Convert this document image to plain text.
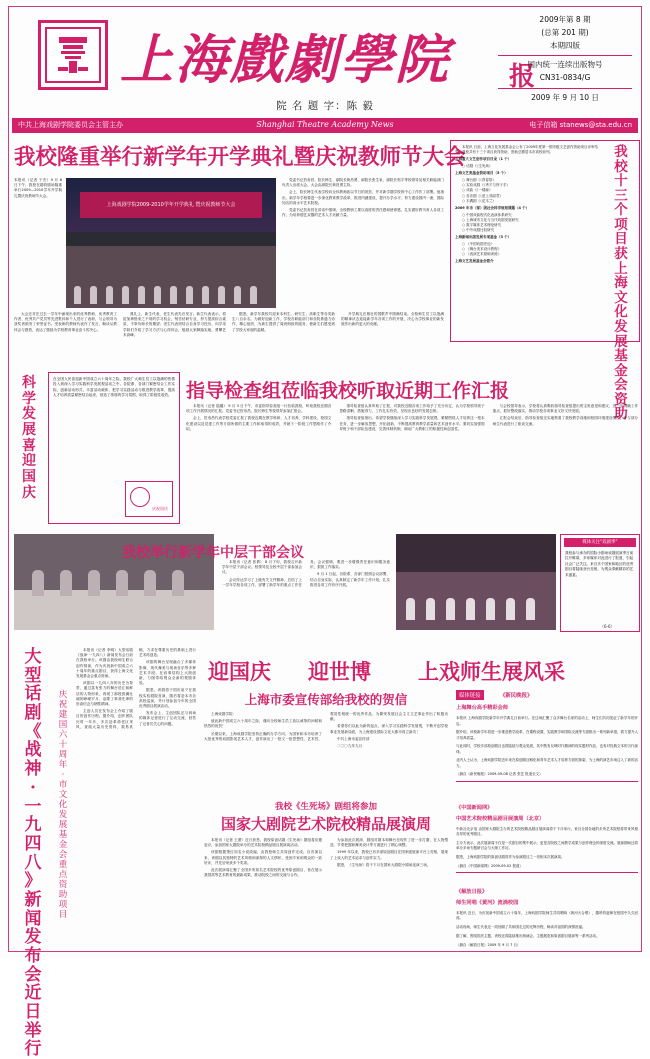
上海戲劇學院 报
2009年第 8 期
(总第 201 期)
本期四版
国内统一连续出版物号
CN31-0834/G
2009 年 9 月 10 日
院 名 题 字：陈 毅
中共上海戏剧学院委员会主管主办	Shanghai Theatre Academy News	电子信箱 stanews@sta.edu.cn
我校隆重举行新学年开学典礼暨庆祝教师节大会
上海戏剧学院2009-2010学年开学典礼 暨庆祝教师节大会
本报讯（记者 于杰）9 月 8 日下午，我校在端钧剧场隆重举行2009—2010学年开学典礼暨庆祝教师节大会。

党委书记贺寿昌、院长韩生、副院长黄昌勇、副院长张生泉、副院长郭宇等校领导及相关职能部门负责人出席大会。大会由副院长黄昌勇主持。

会上，院长韩生代表学校向全体教师致以节日的祝贺，并对新学期学校的中心工作作了部署。他指出，新学年学校要进一步深化教育教学改革，推进内涵建设，提升办学水平，努力建设国内一流、国际知名的高水平艺术院校。

党委书记贺寿昌在讲话中强调，全校教职工要以高度的责任感和使命感，扎实做好教书育人各项工作，为培养德艺双馨的艺术人才贡献力量。

大会还对在过去一学年中涌现出来的优秀教师、优秀教育工作者、优秀共产党员等先进集体和个人进行了表彰，与会领导为获奖者颁发了荣誉证书。受表彰的教师代表作了发言，畅谈从教体会与感悟，表达了继续为学校教育事业奋斗的决心。

典礼上，新生代表、老生代表先后发言。新生代表表示，将倍加珍惜来之不易的学习机会，刻苦钻研专业，努力提高综合素质，不辜负师长的期望；老生代表则结合自身学习经历，向学弟学妹们介绍了学习方法与心得体会，勉励大家脚踏实地，勇攀艺术高峰。

据悉，新学年我校共迎来本科生、研究生、高职生等各类新生八百余名。为做好迎新工作，学校各职能部门和各院系通力协作，精心组织，为新生提供了周到细致的服务，使新生们感受到了学校大家庭的温暖。

开学典礼在雄壮的国歌声中圆满结束。全校师生员工以饱满的精神状态迎接新学年各项工作的开展，决心为学校事业的新发展作出新的更大的贡献。

我
校
十
三
个
项
目
获
上
海
文
化
发
展
基
金
会
资
助

本报讯 日前，上海文化发展基金会公布了2009年度第一期市级文艺创作资助项目评审结果，我校共有十三个项目获得资助，资助总额居本市高校前列。

上海重大文艺创作项目目录（1 个）

○ 话剧《《生死场》

上海文艺类基金资助项目（5 个）

○ 舞台剧《《青春祭》
○ 实验戏剧《《秀才与刽子手》
○ 戏曲《《一缕麻》
○ 音乐剧《《爱上邓丽君》
○ 木偶剧《《花木兰》

2009 年市（部）级社会科学规划课题（4 个）

○ 中国戏曲程式化表演体系研究
○ 上海城市文化与当代戏剧发展研究
○ 数字媒体艺术理论研究
○ 中外戏剧比较研究

上海新闻出版发展专项基金（3 个）

○ 《中国戏剧史论》
○ 《舞台美术设计教程》
○ 《表演艺术基础训练》

上海文艺发展基金会简介

指导检查组莅临我校听取近期工作汇报

本报讯（记者 陆璐） 9 月 3 日下午，市委指导检查组一行莅临我校，听取我校近期各项工作开展情况的汇报。党委书记贺寿昌、院长韩生等校领导参加汇报会。

会上，贺寿昌代表学校党委汇报了我校近期在教学科研、人才培养、学科建设、校园文化建设以及党建工作等方面所做的主要工作和取得的成效，并就下一阶段工作思路作了介绍。

指导检查组认真听取了汇报，对我校近期各项工作给予了充分肯定，认为学校领导班子思路清晰、措施得力，工作扎实有效，呈现出良好的发展态势。

指导检查组指出，希望学校继续深入学习实践科学发展观，紧紧围绕人才培养这一根本任务，进一步解放思想，开拓创新，不断提高教育教学质量和艺术创作水平。要切实加强领导班子和干部队伍建设，完善体制机制，调动广大教职工的积极性和创造性。

与会校领导表示，学校将认真吸收指导检查组提出的宝贵意见和建议，进一步明确工作重点，抓好整改落实，推动学校各项事业又好又快发展。

汇报会结束后，指导检查组还实地察看了我校教学设施和校园环境建设情况，并与部分师生代表进行了座谈交流。

科
学
发
展
喜
迎
国
庆
在全国人民喜迎新中国成立六十周年之际，我校广大师生员工以饱满的热情投入到深入学习实践科学发展观活动之中。各院系、各部门紧密结合工作实际，创新活动形式，丰富活动载体，把学习实践活动与推进教学改革、提高人才培养质量紧密结合起来，营造了浓厚的学习氛围，取得了阶段性成效。
庆祝国庆
我校举行新学年中层干部会议

本报讯（记者 张倩） 8 月下旬，我校召开新学年中层干部会议。校领导及全校中层干部参加会议。

会议传达学习了上级有关文件精神，总结了上一学年学校各项工作，部署了新学年的重点工作任务。会议强调，要进一步增强责任意识和服务意识，狠抓工作落实。

9 月 1 日起，各院系、各部门按照会议部署，结合自身实际，认真制定了新学年工作计划，扎实推进各项工作有序开展。

媒体关注“戏剧季”
我校参与承办的国际小剧场戏剧展演季日前拉开帷幕，多家媒体对此进行了报道，引起社会广泛关注。来自多个国家和地区的优秀剧目将陆续登台亮相，为观众奉献精彩的艺术盛宴。
（6-6）
大
型
话
剧
《
战
神
·
一
九
四
八
》
新
闻
发
布
会
近
日
举
行
庆
祝
建
国
六
十
周
年
·
市
文
化
发
展
基
金
会
重
点
资
助
项
目

本报讯（记者 李明）大型话剧《战神·一九四八》新闻发布会日前在我校举行。该剧由我校师生联合创作排演，作为庆祝新中国成立六十周年的重点剧目，获得上海文化发展基金会重点资助。

该剧以一九四八年的历史为背景，通过富有张力的舞台语汇和鲜活的人物形象，再现了那段波澜壮阔的峥嵘岁月，讴歌了革命先辈的崇高信念与牺牲精神。

主创人员在发布会上介绍了剧目的创作历程。据介绍，创作团队历时一年多，多次赴革命老区采风，查阅大量历史资料，数易其稿，力求在尊重历史的基础上进行艺术再创造。

该剧的舞台呈现融合了多媒体影像、现代舞美与现场音乐等多种艺术手段，在叙事结构上大胆创新，力图带给观众全新的观剧体验。

据悉，该剧将于国庆前夕在我校实验剧院首演，随后将赴本市各高校巡演，并计划参加今年的全国优秀剧目展演活动。

发布会上，主创团队还与到场的媒体记者进行了互动交流，回答了记者们关心的问题。

迎国庆 迎世博 上戏师生展风采
上海市委宣传部给我校的贺信

上海戏剧学院：

值此新中国成立六十周年之际，谨向全校师生员工致以诚挚的问候和热烈的祝贺！

长期以来，上海戏剧学院坚持正确的办学方向，为国家和本市培养了大批优秀的戏剧影视艺术人才，创作演出了一批又一批思想性、艺术性、观赏性相统一的优秀作品，为繁荣发展社会主义文艺事业作出了积极贡献。

希望你们以此为新的起点，深入学习实践科学发展观，不断开创学校事业发展新局面，为上海建设国际文化大都市再立新功！

中共上海市委宣传部

二〇〇九年九月

我校《生死场》剧组将参加
国家大剧院艺术院校精品展演周

本报讯（记者 王蕾）近日获悉，我校原创话剧《生死场》剧组将应邀赴京，参加国家大剧院举办的艺术院校精品剧目展演周活动。

该剧根据萧红同名小说改编，由我校师生共同创作完成。自首演以来，该剧以其独特的艺术风格和深厚的人文情怀，受到专家和观众的一致好评，并先后荣获多个奖项。

此次展演周汇聚了全国多所知名艺术院校的优秀原创剧目，旨在展示我国高等艺术教育的最新成果，推动院校之间的交流与合作。

为参加此次展演，剧组对剧本和舞台呈现作了进一步打磨，在人物塑造、节奏把握和舞美设计等方面进行了精心调整。

1999 年以来，我校已有多部原创剧目在国家级展演平台上亮相，展现了上戏人的艺术追求与创作实力。

据悉，《生死场》将于下月在国家大剧院小剧场连演三场。

媒体链接	《新民晚报》
上海舞台高手精彩会师

本报讯 上海戏剧学院新学年开学典礼日前举行。在这场汇聚了众多舞台名家的活动上，师生们共同见证了新学年的开启。

据介绍，该校新学年将进一步推进教学改革，在课程设置、实践教学和国际交流等方面推出一系列新举措，着力提升人才培养质量。

与此同时，学校多部原创剧目也将陆续与观众见面，其中既有反映时代精神的现实题材作品，也有对经典文本的当代演绎。

业内人士认为，上海戏剧学院近年来在原创剧目孵化和青年艺术人才培养方面的探索，为上海的演艺市场注入了新的活力。

（摘自《新民晚报》2009-09-08 记者 张艺 报道全文）
《中国新闻网》
中国艺术院校精品剧目展演周（北京）

中新社北京电 由国家大剧院主办的艺术院校精品剧目展演周将于下月举行。来自全国各地的多所艺术院校将带来风格各异的优秀剧目。

主办方表示，此次展演周不仅是一次剧目的集中展示，更是各院校之间教学成果与创作理念的深度交流。展演期间还将举办多场专题研讨会与大师工作坊。

据悉，上海戏剧学院的原创话剧将作为参演剧目之一亮相本次展演周。

（摘自《中国新闻网》2009-09-02 报道）
《解放日报》
师生同唱《黄河》流淌校园

本报讯 近日，为庆祝新中国成立六十周年，上海戏剧学院师生共同唱响《黄河大合唱》，激昂的旋律在校园中久久回荡。

活动现场，师生代表还一同回顾了共和国走过的光辉历程，畅谈对祖国的深情祝福。

据了解，围绕国庆主题，该校还将陆续推出朗诵会、主题展览和原创剧目展演等一系列活动。

（摘自《解放日报》2009 年 9 月 7 日）
